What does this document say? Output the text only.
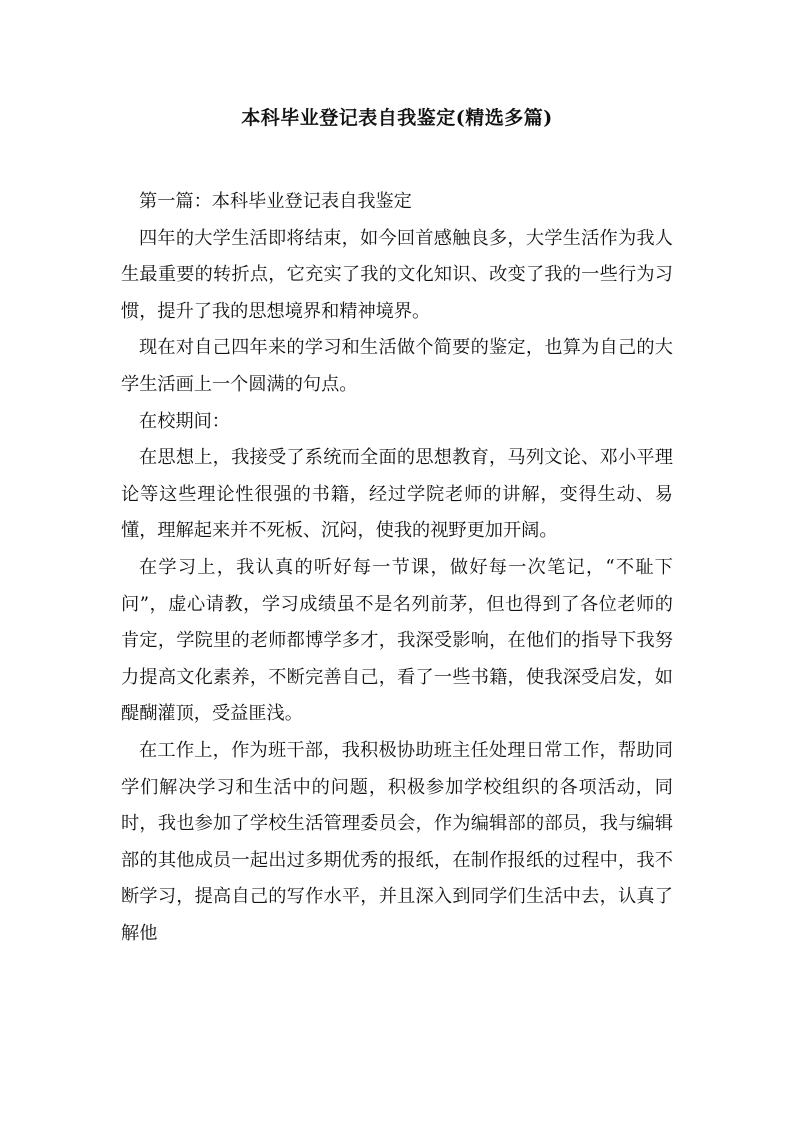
本科毕业登记表自我鉴定(精选多篇)

第一篇：本科毕业登记表自我鉴定

四年的大学生活即将结束，如今回首感触良多，大学生活作为我人生最重要的转折点，它充实了我的文化知识、改变了我的一些行为习惯，提升了我的思想境界和精神境界。

现在对自己四年来的学习和生活做个简要的鉴定，也算为自己的大学生活画上一个圆满的句点。

在校期间：

在思想上，我接受了系统而全面的思想教育，马列文论、邓小平理论等这些理论性很强的书籍，经过学院老师的讲解，变得生动、易懂，理解起来并不死板、沉闷，使我的视野更加开阔。

在学习上，我认真的听好每一节课，做好每一次笔记，“不耻下问”，虚心请教，学习成绩虽不是名列前茅，但也得到了各位老师的肯定，学院里的老师都博学多才，我深受影响，在他们的指导下我努力提高文化素养，不断完善自己，看了一些书籍，使我深受启发，如醍醐灌顶，受益匪浅。

在工作上，作为班干部，我积极协助班主任处理日常工作，帮助同学们解决学习和生活中的问题，积极参加学校组织的各项活动，同时，我也参加了学校生活管理委员会，作为编辑部的部员，我与编辑部的其他成员一起出过多期优秀的报纸，在制作报纸的过程中，我不断学习，提高自己的写作水平，并且深入到同学们生活中去，认真了解他
